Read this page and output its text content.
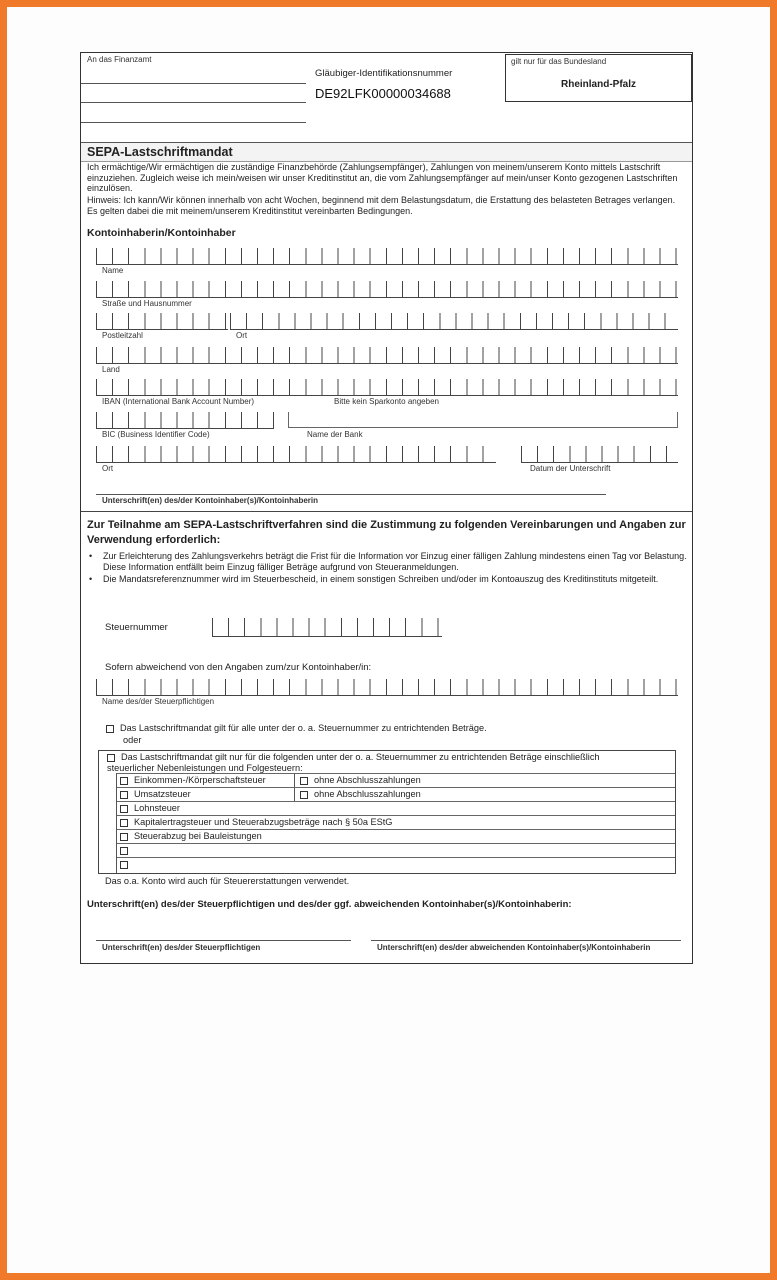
An das Finanzamt
Gläubiger-Identifikationsnummer
DE92LFK00000034688
gilt nur für das Bundesland
Rheinland-Pfalz
SEPA-Lastschriftmandat
Ich ermächtige/Wir ermächtigen die zuständige Finanzbehörde (Zahlungsempfänger), Zahlungen von meinem/unserem Konto mittels Lastschrift einzuziehen. Zugleich weise ich mein/weisen wir unser Kreditinstitut an, die vom Zahlungsempfänger auf mein/unser Konto gezogenen Lastschriften einzulösen.
Hinweis: Ich kann/Wir können innerhalb von acht Wochen, beginnend mit dem Belastungsdatum, die Erstattung des belasteten Betrages verlangen. Es gelten dabei die mit meinem/unserem Kreditinstitut vereinbarten Bedingungen.
Kontoinhaberin/Kontoinhaber
Name
Straße und Hausnummer
Postleitzahl	Ort
Land
IBAN (International Bank Account Number)	Bitte kein Sparkonto angeben
BIC (Business Identifier Code)	Name der Bank
Ort	Datum der Unterschrift
Unterschrift(en) des/der Kontoinhaber(s)/Kontoinhaberin
Zur Teilnahme am SEPA-Lastschriftverfahren sind die Zustimmung zu folgenden Vereinbarungen und Angaben zur Verwendung erforderlich:
• Zur Erleichterung des Zahlungsverkehrs beträgt die Frist für die Information vor Einzug einer fälligen Zahlung mindestens einen Tag vor Belastung. Diese Information entfällt beim Einzug fälliger Beträge aufgrund von Steueranmeldungen.
• Die Mandatsreferenznummer wird im Steuerbescheid, in einem sonstigen Schreiben und/oder im Kontoauszug des Kreditinstituts mitgeteilt.
Steuernummer
Sofern abweichend von den Angaben zum/zur Kontoinhaber/in:
Name des/der Steuerpflichtigen
Das Lastschriftmandat gilt für alle unter der o. a. Steuernummer zu entrichtenden Beträge.
oder
Das Lastschriftmandat gilt nur für die folgenden unter der o. a. Steuernummer zu entrichtenden Beträge einschließlich steuerlicher Nebenleistungen und Folgesteuern:
Einkommen-/Körperschaftsteuer	ohne Abschlusszahlungen
Umsatzsteuer	ohne Abschlusszahlungen
Lohnsteuer
Kapitalertragsteuer und Steuerabzugsbeträge nach § 50a EStG
Steuerabzug bei Bauleistungen
Das o.a. Konto wird auch für Steuererstattungen verwendet.
Unterschrift(en) des/der Steuerpflichtigen und des/der ggf. abweichenden Kontoinhaber(s)/Kontoinhaberin:
Unterschrift(en) des/der Steuerpflichtigen	Unterschrift(en) des/der abweichenden Kontoinhaber(s)/Kontoinhaberin
